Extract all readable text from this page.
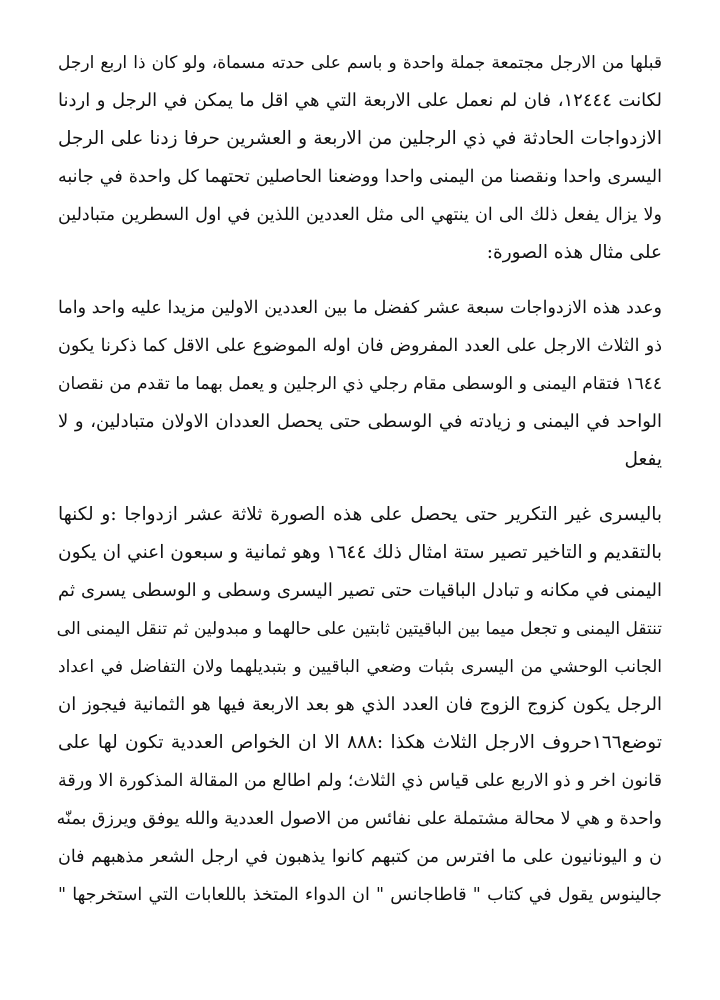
قبلها من الارجل مجتمعة جملة واحدة و باسم على حدته مسماة، ولو كان ذا اربع ارجل
لكانت ١٢٤٤٤، فان لم نعمل على الاربعة التي هي اقل ما يمكن في الرجل و اردنا
الازدواجات الحادثة في ذي الرجلين من الاربعة و العشرين حرفا زدنا على الرجل
اليسرى واحدا ونقصنا من اليمنى واحدا ووضعنا الحاصلين تحتهما كل واحدة في جانبه
ولا يزال يفعل ذلك الى ان ينتهي الى مثل العددين اللذين في اول السطرين متبادلين
على مثال هذه الصورة:
وعدد هذه الازدواجات سبعة عشر كفضل ما بين العددين الاولين مزيدا عليه واحد واما
ذو الثلاث الارجل على العدد المفروض فان اوله الموضوع على الاقل كما ذكرنا يكون
١٦٤٤ فتقام اليمنى و الوسطى مقام رجلي ذي الرجلين و يعمل بهما ما تقدم من نقصان
الواحد في اليمنى و زيادته في الوسطى حتى يحصل العددان الاولان متبادلين، و لا
يفعل
باليسرى غير التكرير حتى يحصل على هذه الصورة ثلاثة عشر ازدواجا :و لكنها
بالتقديم و التاخير تصير ستة امثال ذلك ١٦٤٤ وهو ثمانية و سبعون اعني ان يكون
اليمنى في مكانه و تبادل الباقيات حتى تصير اليسرى وسطى و الوسطى يسرى ثم
تنتقل اليمنى و تجعل ميما بين الباقيتين ثابتين على حالهما و مبدولين ثم تنقل اليمنى الى
الجانب الوحشي من اليسرى بثبات وضعي الباقيين و بتبديلهما ولان التفاضل في اعداد
الرجل يكون كزوج الزوج فان العدد الذي هو بعد الاربعة فيها هو الثمانية فيجوز ان
توضع١٦٦حروف الارجل الثلاث هكذا :٨٨٨ الا ان الخواص العددية تكون لها على
قانون اخر و ذو الاربع على قياس ذي الثلاث؛ ولم اطالع من المقالة المذكورة الا ورقة
واحدة و هي لا محالة مشتملة على نفائس من الاصول العددية والله يوفق ويرزق بمنّه
ن و اليونانيون على ما افترس من كتبهم كانوا يذهبون في ارجل الشعر مذهبهم فان
جالينوس يقول في كتاب " قاطاجانس " ان الدواء المتخذ باللعابات التي استخرجها "
